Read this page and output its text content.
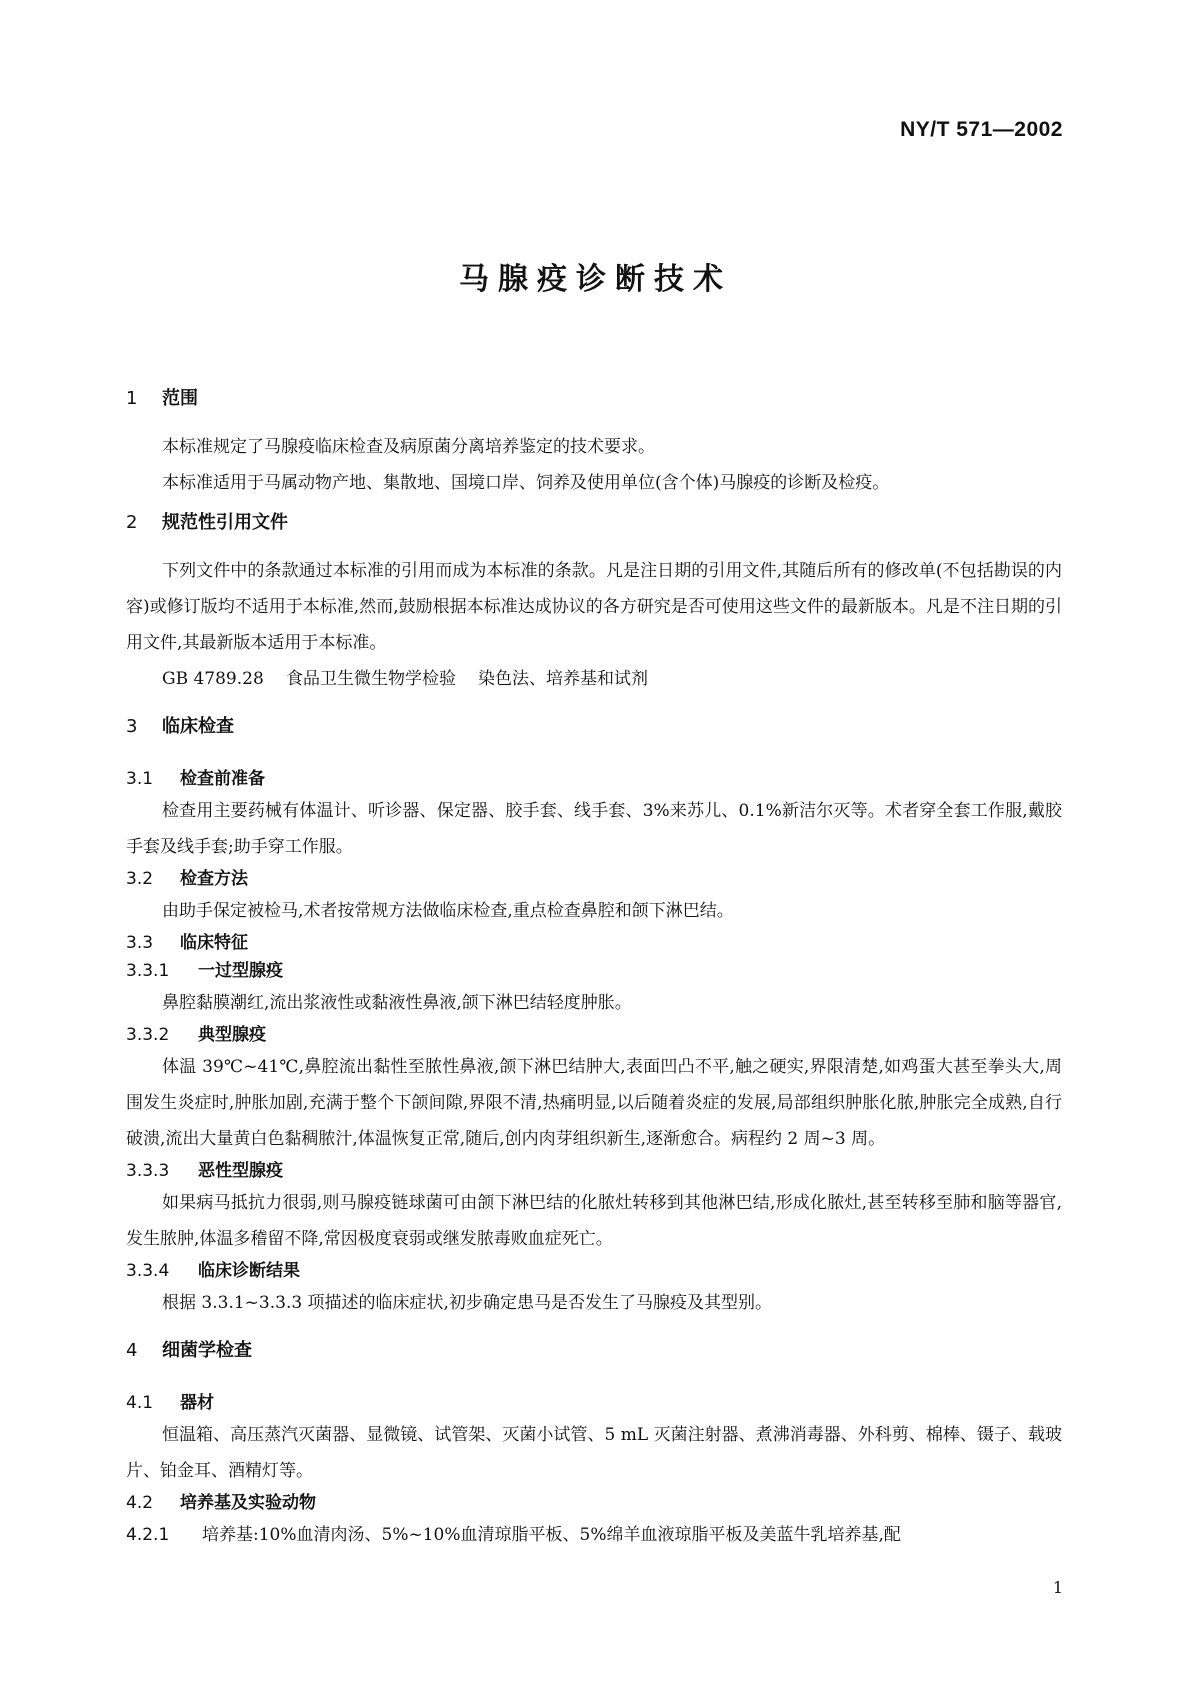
NY/T 571—2002
马腺疫诊断技术
1 范围

本标准规定了马腺疫临床检查及病原菌分离培养鉴定的技术要求。

本标准适用于马属动物产地、集散地、国境口岸、饲养及使用单位(含个体)马腺疫的诊断及检疫。

2 规范性引用文件

下列文件中的条款通过本标准的引用而成为本标准的条款。凡是注日期的引用文件,其随后所有的修改单(不包括勘误的内容)或修订版均不适用于本标准,然而,鼓励根据本标准达成协议的各方研究是否可使用这些文件的最新版本。凡是不注日期的引用文件,其最新版本适用于本标准。

GB 4789.28 食品卫生微生物学检验 染色法、培养基和试剂
3 临床检查
3.1 检查前准备

检查用主要药械有体温计、听诊器、保定器、胶手套、线手套、3%来苏儿、0.1%新洁尔灭等。术者穿全套工作服,戴胶手套及线手套;助手穿工作服。

3.2 检查方法

由助手保定被检马,术者按常规方法做临床检查,重点检查鼻腔和颌下淋巴结。

3.3 临床特征
3.3.1 一过型腺疫

鼻腔黏膜潮红,流出浆液性或黏液性鼻液,颌下淋巴结轻度肿胀。

3.3.2 典型腺疫

体温 39℃~41℃,鼻腔流出黏性至脓性鼻液,颌下淋巴结肿大,表面凹凸不平,触之硬实,界限清楚,如鸡蛋大甚至拳头大,周围发生炎症时,肿胀加剧,充满于整个下颌间隙,界限不清,热痛明显,以后随着炎症的发展,局部组织肿胀化脓,肿胀完全成熟,自行破溃,流出大量黄白色黏稠脓汁,体温恢复正常,随后,创内肉芽组织新生,逐渐愈合。病程约 2 周~3 周。

3.3.3 恶性型腺疫

如果病马抵抗力很弱,则马腺疫链球菌可由颌下淋巴结的化脓灶转移到其他淋巴结,形成化脓灶,甚至转移至肺和脑等器官,发生脓肿,体温多稽留不降,常因极度衰弱或继发脓毒败血症死亡。

3.3.4 临床诊断结果

根据 3.3.1~3.3.3 项描述的临床症状,初步确定患马是否发生了马腺疫及其型别。

4 细菌学检查
4.1 器材

恒温箱、高压蒸汽灭菌器、显微镜、试管架、灭菌小试管、5 mL 灭菌注射器、煮沸消毒器、外科剪、棉棒、镊子、载玻片、铂金耳、酒精灯等。

4.2 培养基及实验动物
4.2.1 培养基:10%血清肉汤、5%~10%血清琼脂平板、5%绵羊血液琼脂平板及美蓝牛乳培养基,配
1
